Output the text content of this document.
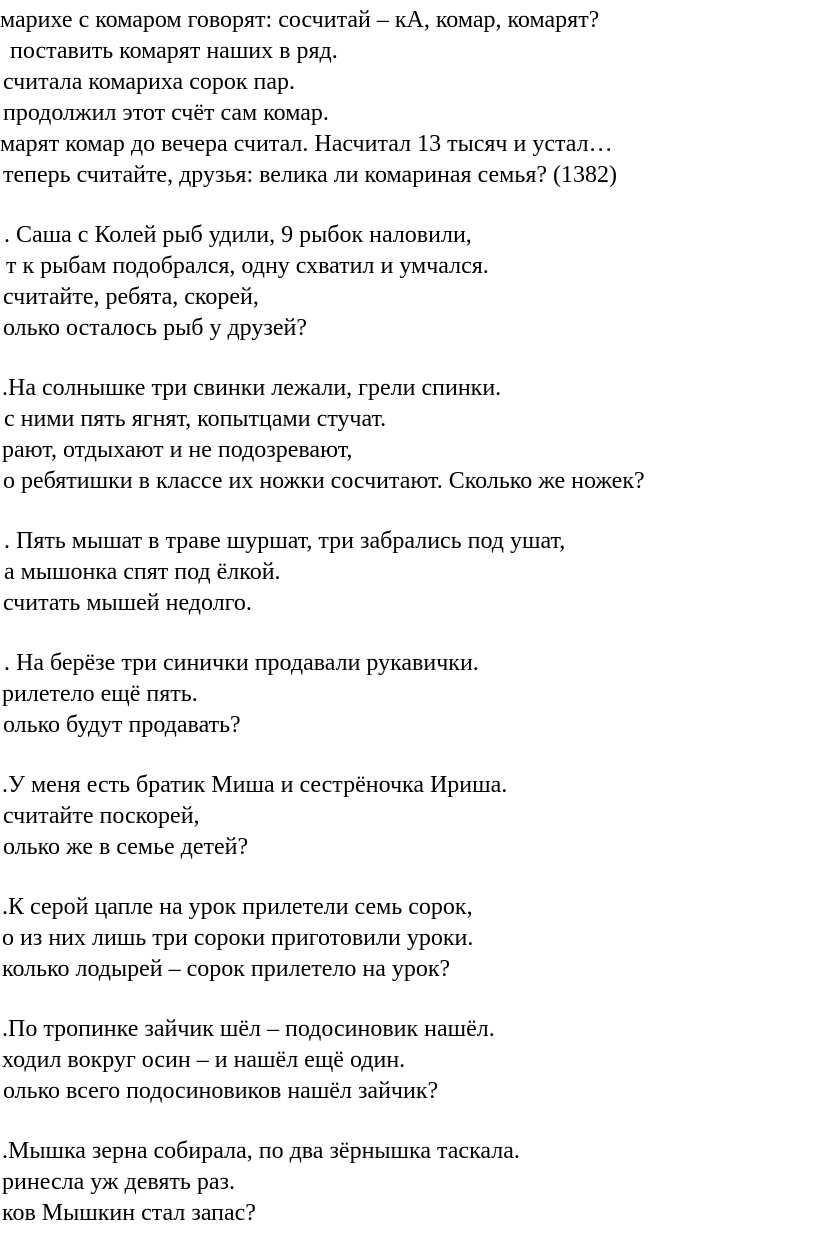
марихе с комаром говорят: сосчитай – кА, комар, комарят?

поставить комарят наших в ряд.

считала комариха сорок пар.

продолжил этот счёт сам комар.

марят комар до вечера считал. Насчитал 13 тысяч и устал…

теперь считайте, друзья: велика ли комариная семья? (1382)

. Саша с Колей рыб удили, 9 рыбок наловили,

т к рыбам подобрался, одну схватил и умчался.

считайте, ребята, скорей,

олько осталось рыб у друзей?

.На солнышке три свинки лежали, грели спинки.

с ними пять ягнят, копытцами стучат.

рают, отдыхают и не подозревают,

о ребятишки в классе их ножки сосчитают. Сколько же ножек?

. Пять мышат в траве шуршат, три забрались под ушат,

а мышонка спят под ёлкой.

считать мышей недолго.

. На берёзе три синички продавали рукавички.

рилетело ещё пять.

олько будут продавать?

.У меня есть братик Миша и сестрёночка Ириша.

считайте поскорей,

олько же в семье детей?

.К серой цапле на урок прилетели семь сорок,

о из них лишь три сороки приготовили уроки.

колько лодырей – сорок прилетело на урок?

.По тропинке зайчик шёл – подосиновик нашёл.

ходил вокруг осин – и нашёл ещё один.

олько всего подосиновиков нашёл зайчик?

.Мышка зерна собирала, по два зёрнышка таскала.

ринесла уж девять раз.

ков Мышкин стал запас?
